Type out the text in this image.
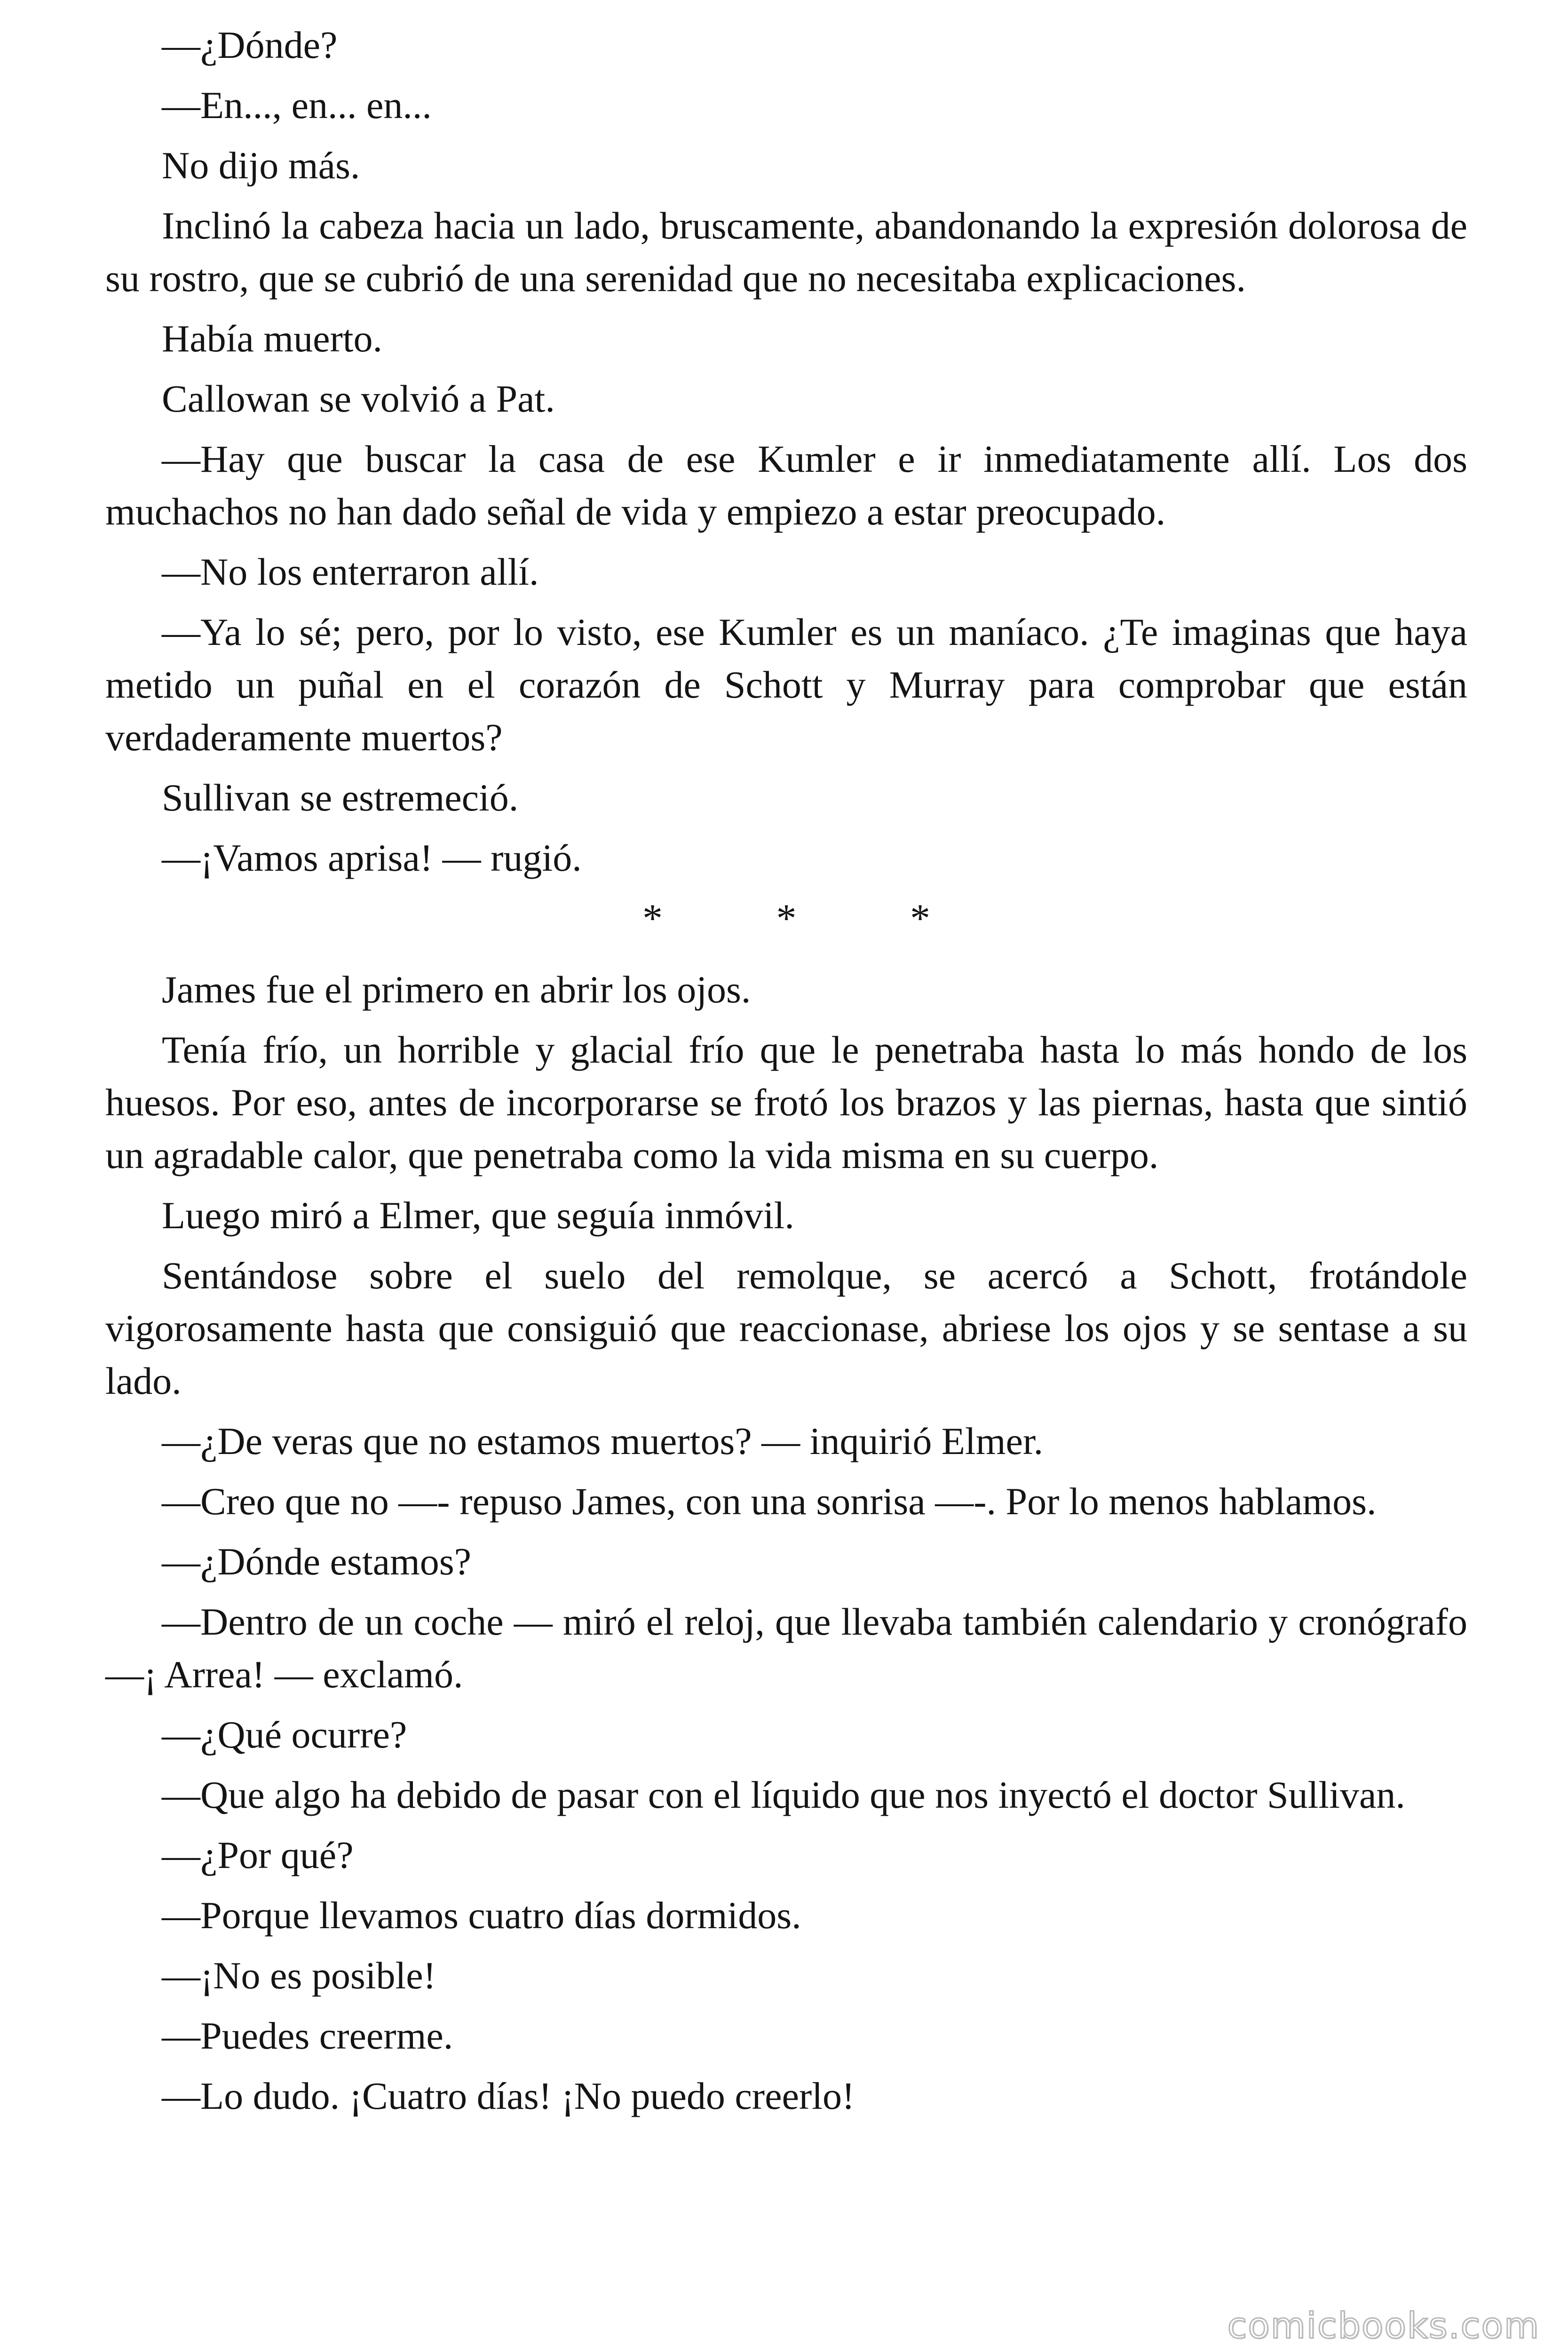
—¿Dónde?

—En..., en... en...

No dijo más.

Inclinó la cabeza hacia un lado, bruscamente, abandonando la expresión dolorosa de su rostro, que se cubrió de una serenidad que no necesitaba explicaciones.

Había muerto.

Callowan se volvió a Pat.

—Hay que buscar la casa de ese Kumler e ir inmediatamente allí. Los dos muchachos no han dado señal de vida y empiezo a estar preocupado.

—No los enterraron allí.

—Ya lo sé; pero, por lo visto, ese Kumler es un maníaco. ¿Te imaginas que haya metido un puñal en el corazón de Schott y Murray para comprobar que están verdaderamente muertos?

Sullivan se estremeció.

—¡Vamos aprisa! — rugió.

* * *

James fue el primero en abrir los ojos.

Tenía frío, un horrible y glacial frío que le penetraba hasta lo más hondo de los huesos. Por eso, antes de incorporarse se frotó los brazos y las piernas, hasta que sintió un agradable calor, que penetraba como la vida misma en su cuerpo.

Luego miró a Elmer, que seguía inmóvil.

Sentándose sobre el suelo del remolque, se acercó a Schott, frotándole vigorosamente hasta que consiguió que reaccionase, abriese los ojos y se sentase a su lado.

—¿De veras que no estamos muertos? — inquirió Elmer.

—Creo que no —- repuso James, con una sonrisa —-. Por lo menos hablamos.

—¿Dónde estamos?

—Dentro de un coche — miró el reloj, que llevaba también calendario y cronógrafo —¡ Arrea! — exclamó.

—¿Qué ocurre?

—Que algo ha debido de pasar con el líquido que nos inyectó el doctor Sullivan.

—¿Por qué?

—Porque llevamos cuatro días dormidos.

—¡No es posible!

—Puedes creerme.

—Lo dudo. ¡Cuatro días! ¡No puedo creerlo!

comicbooks.com
